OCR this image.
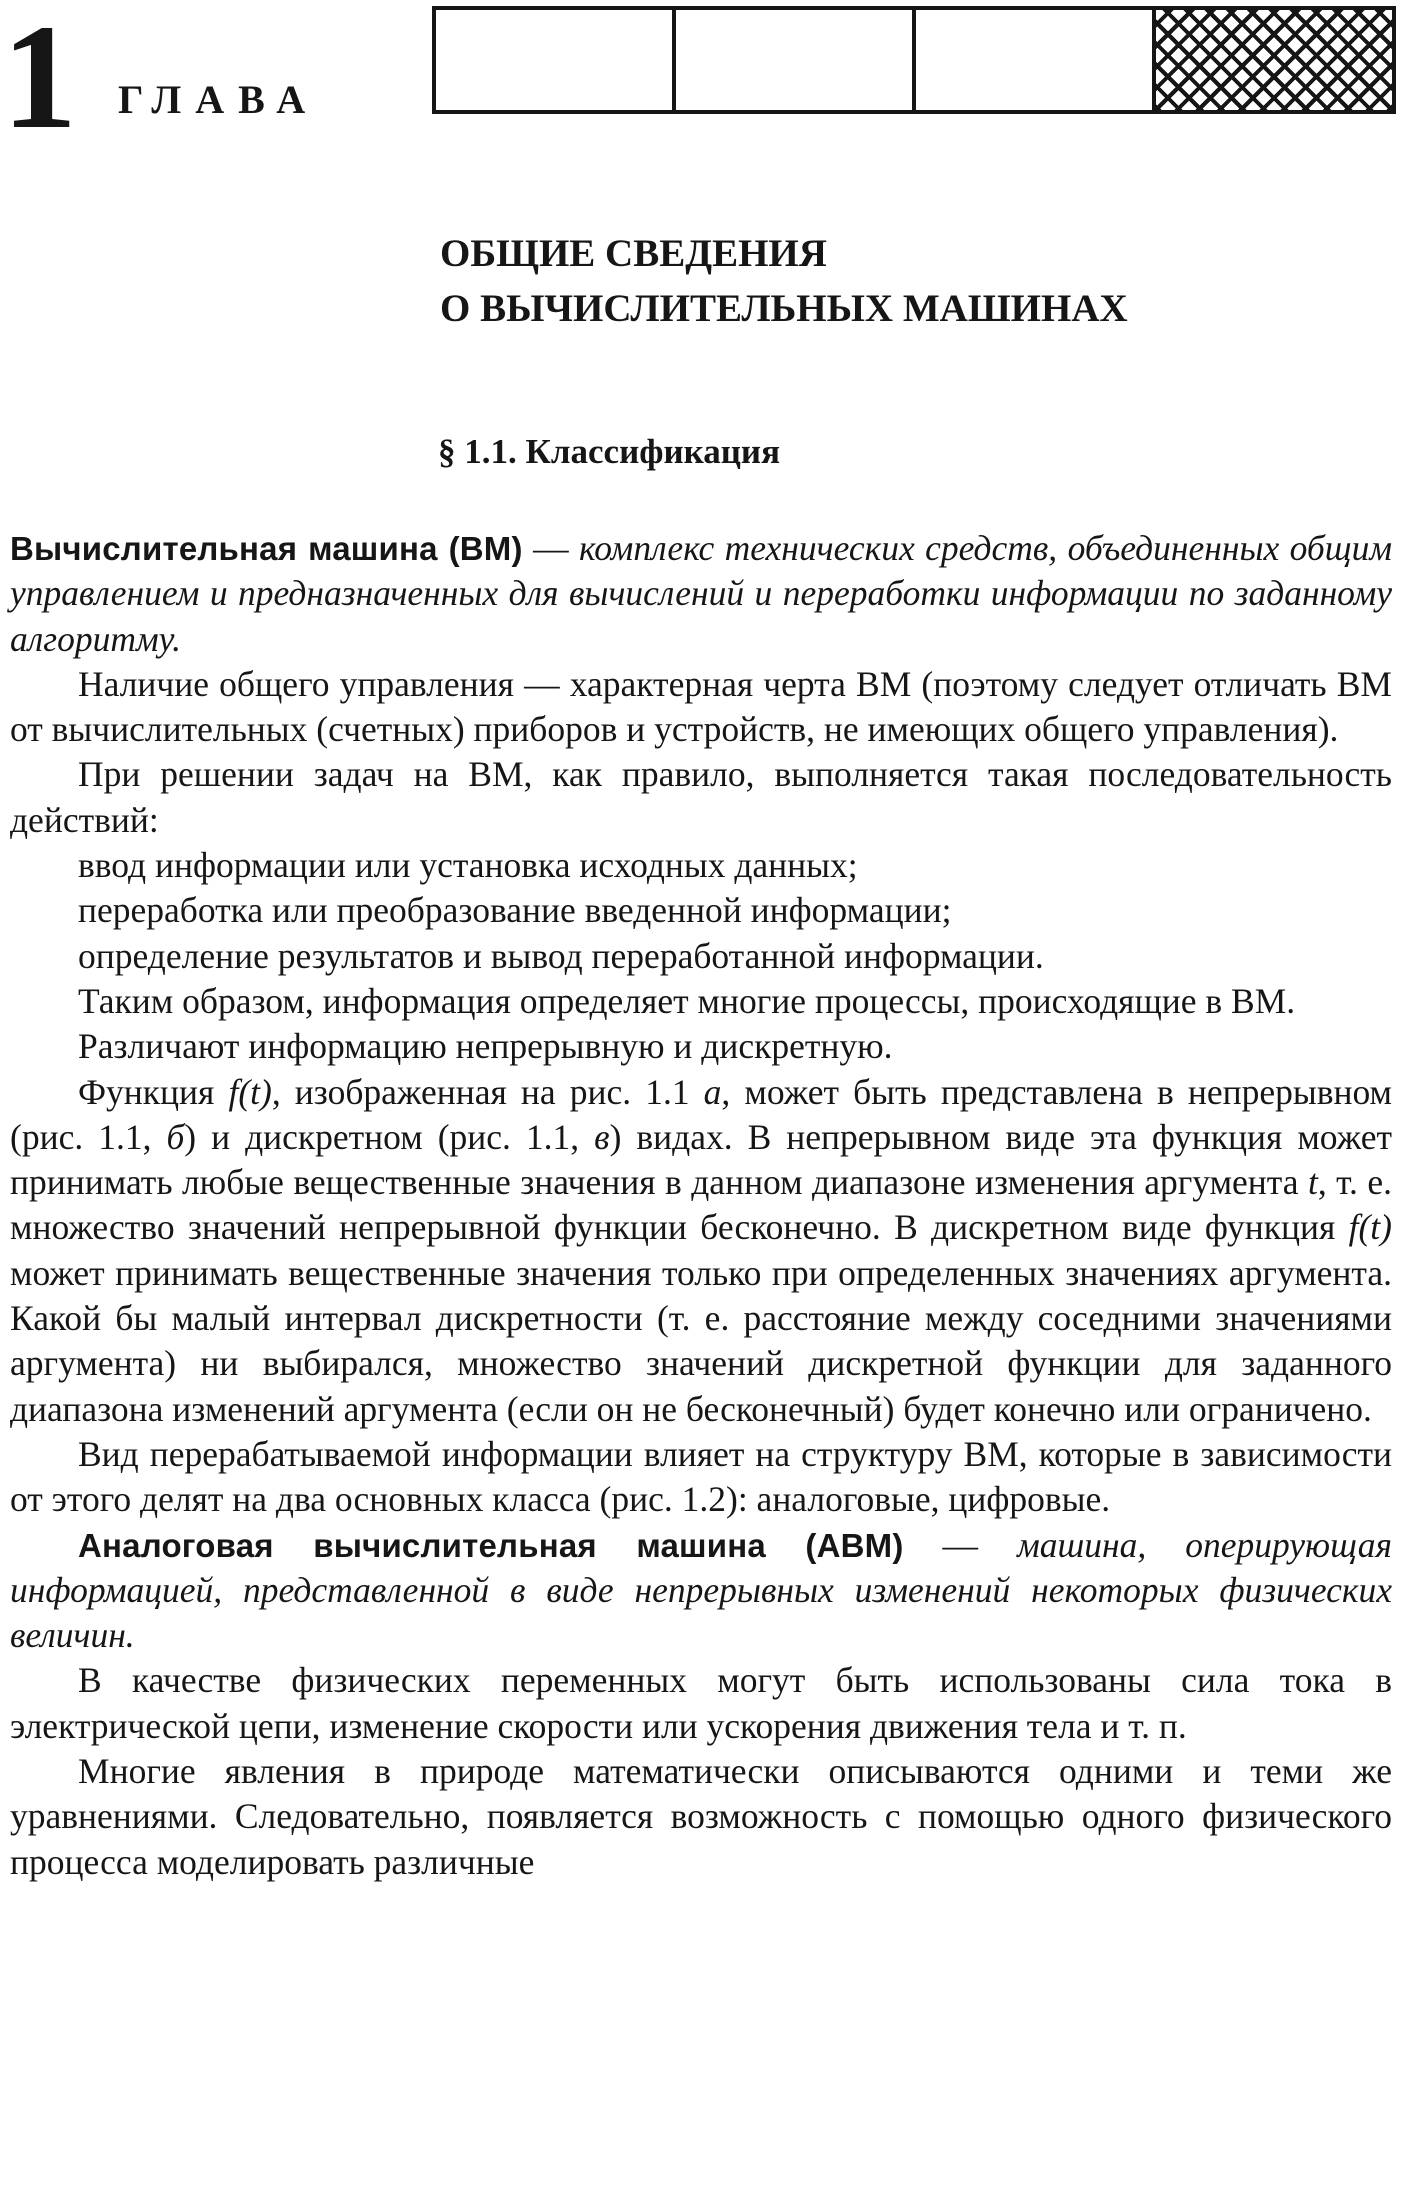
1 ГЛАВА
ОБЩИЕ СВЕДЕНИЯ
О ВЫЧИСЛИТЕЛЬНЫХ МАШИНАХ
§ 1.1. Классификация

Вычислительная машина (ВМ) — комплекс технических средств, объединенных общим управлением и предназначенных для вычислений и переработки информации по заданному алгоритму.

Наличие общего управления — характерная черта ВМ (поэтому следует отличать ВМ от вычислительных (счетных) приборов и устройств, не имеющих общего управления).

При решении задач на ВМ, как правило, выполняется такая последовательность действий:

ввод информации или установка исходных данных;

переработка или преобразование введенной информации;

определение результатов и вывод переработанной информации.

Таким образом, информация определяет многие процессы, происходящие в ВМ.

Различают информацию непрерывную и дискретную.

Функция f(t), изображенная на рис. 1.1 а, может быть представлена в непрерывном (рис. 1.1, б) и дискретном (рис. 1.1, в) видах. В непрерывном виде эта функция может принимать любые вещественные значения в данном диапазоне изменения аргумента t, т. е. множество значений непрерывной функции бесконечно. В дискретном виде функция f(t) может принимать вещественные значения только при определенных значениях аргумента. Какой бы малый интервал дискретности (т. е. расстояние между соседними значениями аргумента) ни выбирался, множество значений дискретной функции для заданного диапазона изменений аргумента (если он не бесконечный) будет конечно или ограничено.

Вид перерабатываемой информации влияет на структуру ВМ, которые в зависимости от этого делят на два основных класса (рис. 1.2): аналоговые, цифровые.

Аналоговая вычислительная машина (АВМ) — машина, оперирующая информацией, представленной в виде непрерывных изменений некоторых физических величин.

В качестве физических переменных могут быть использованы сила тока в электрической цепи, изменение скорости или ускорения движения тела и т. п.

Многие явления в природе математически описываются одними и теми же уравнениями. Следовательно, появляется возможность с помощью одного физического процесса моделировать различные
